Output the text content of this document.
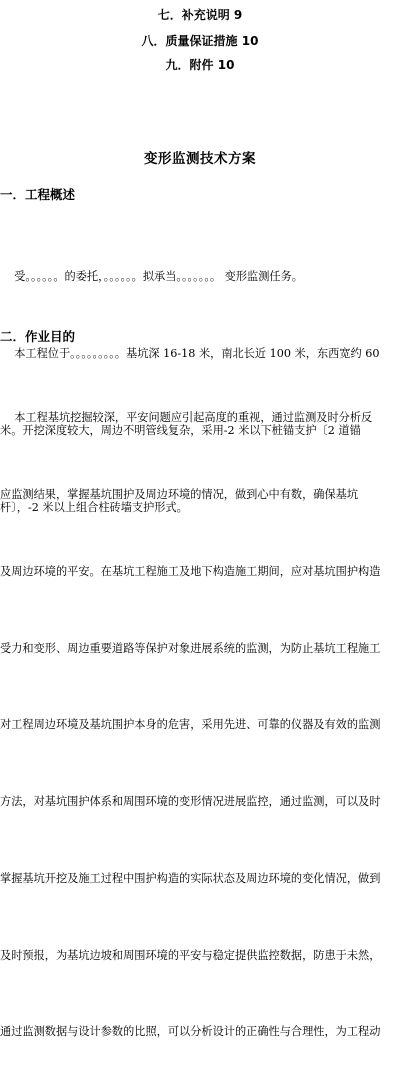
七．补充说明 9
八．质量保证措施 10
九．附件 10
变形监测技术方案
一．工程概述

受。。。。。。的委托，。。。。。。拟承当。。。。。。。 变形监测任务。

本工程位于。。。。。。。。。基坑深 16-18 米，南北长近 100 米，东西宽约 60

米。开挖深度较大，周边不明管线复杂，采用-2 米以下桩锚支护〔2 道锚

杆〕，-2 米以上组合柱砖墙支护形式。

二．作业目的

本工程基坑挖掘较深，平安问题应引起高度的重视，通过监测及时分析反

应监测结果，掌握基坑围护及周边环境的情况，做到心中有数，确保基坑

及周边环境的平安。在基坑工程施工及地下构造施工期间，应对基坑围护构造

受力和变形、周边重要道路等保护对象进展系统的监测，为防止基坑工程施工

对工程周边环境及基坑围护本身的危害，采用先进、可靠的仪器及有效的监测

方法，对基坑围护体系和周围环境的变形情况进展监控，通过监测，可以及时

掌握基坑开挖及施工过程中围护构造的实际状态及周边环境的变化情况，做到

及时预报，为基坑边坡和周围环境的平安与稳定提供监控数据，防患于未然，

通过监测数据与设计参数的比照，可以分析设计的正确性与合理性，为工程动
